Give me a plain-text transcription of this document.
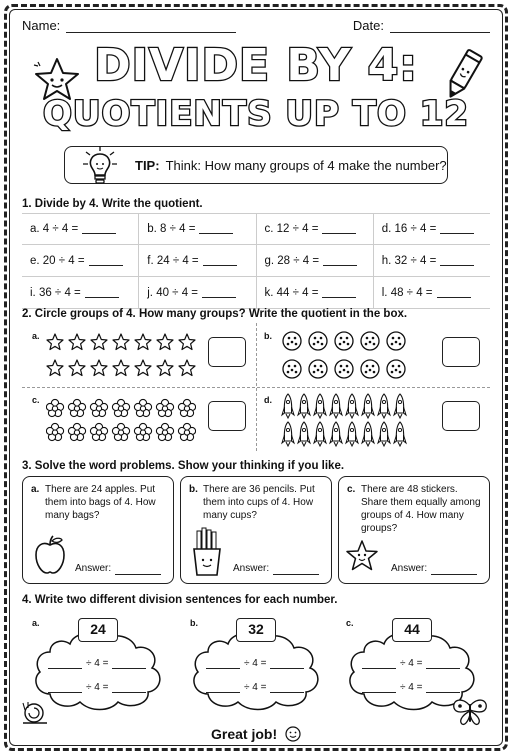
Name:	Date:
DIVIDE BY 4:
QUOTIENTS UP TO 12
TIP: Think: How many groups of 4 make the number?
1. Divide by 4. Write the quotient.
a. 4 ÷ 4 =	b. 8 ÷ 4 =	c. 12 ÷ 4 =	d. 16 ÷ 4 =
e. 20 ÷ 4 =	f. 24 ÷ 4 =	g. 28 ÷ 4 =	h. 32 ÷ 4 =
i. 36 ÷ 4 =	j. 40 ÷ 4 =	k. 44 ÷ 4 =	l. 48 ÷ 4 =
2. Circle groups of 4. How many groups? Write the quotient in the box.
a.	b.
c.	d.
3. Solve the word problems. Show your thinking if you like.
a. There are 24 apples. Put them into bags of 4. How many bags?
Answer:
b. There are 36 pencils. Put them into cups of 4. How many cups?
Answer:
c. There are 48 stickers. Share them equally among groups of 4. How many groups?
Answer:
4. Write two different division sentences for each number.
a.	24
÷ 4 =
÷ 4 =
b.	32
÷ 4 =
÷ 4 =
c.	44
÷ 4 =
÷ 4 =
Great job!
